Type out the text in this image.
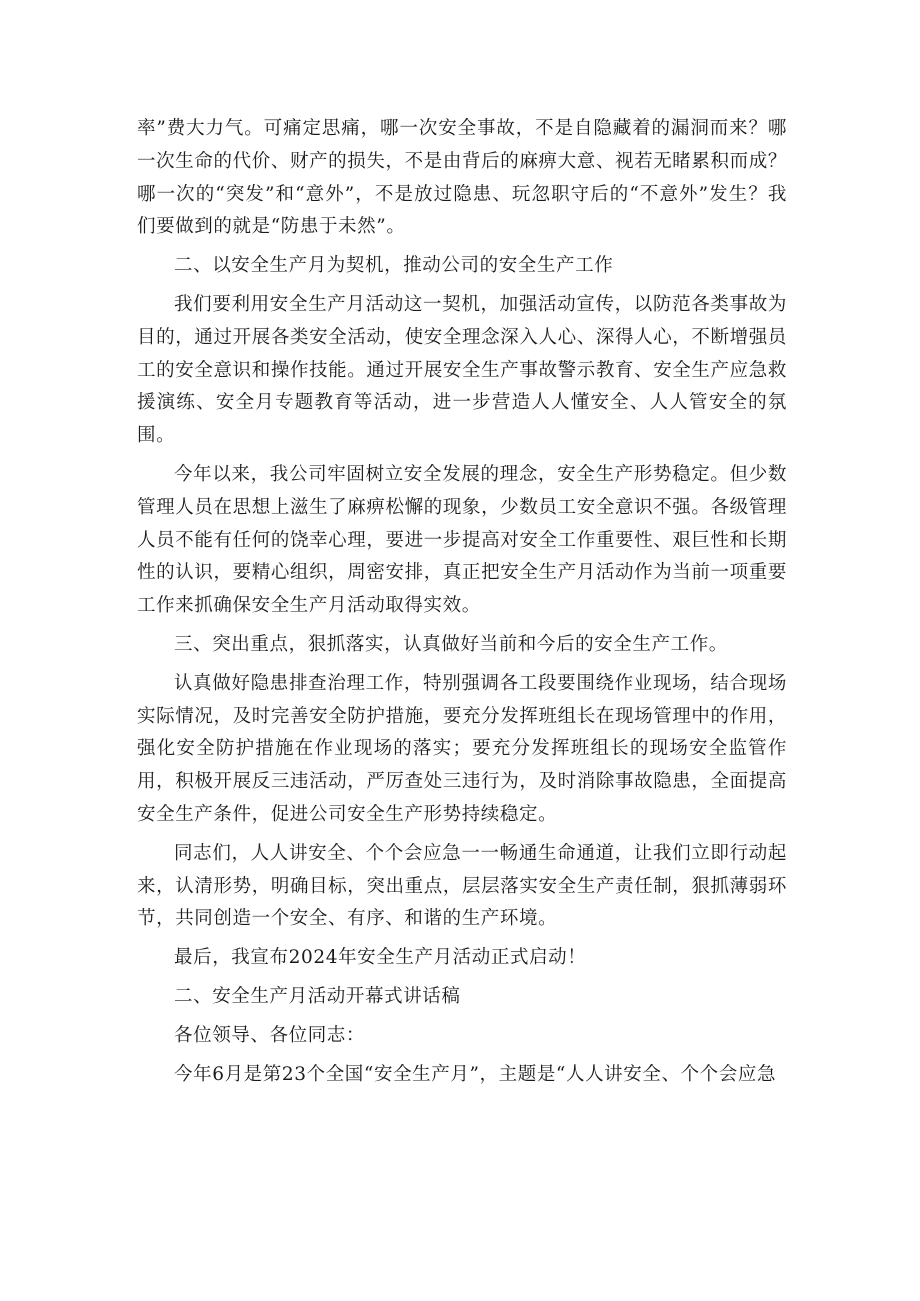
率”费大力气。可痛定思痛，哪一次安全事故，不是自隐藏着的漏洞而来？哪一次生命的代价、财产的损失，不是由背后的麻痹大意、视若无睹累积而成？哪一次的“突发”和“意外”，不是放过隐患、玩忽职守后的“不意外”发生？我们要做到的就是“防患于未然”。

二、以安全生产月为契机，推动公司的安全生产工作

我们要利用安全生产月活动这一契机，加强活动宣传，以防范各类事故为目的，通过开展各类安全活动，使安全理念深入人心、深得人心，不断增强员工的安全意识和操作技能。通过开展安全生产事故警示教育、安全生产应急救援演练、安全月专题教育等活动，进一步营造人人懂安全、人人管安全的氛围。

今年以来，我公司牢固树立安全发展的理念，安全生产形势稳定。但少数管理人员在思想上滋生了麻痹松懈的现象，少数员工安全意识不强。各级管理人员不能有任何的饶幸心理，要进一步提高对安全工作重要性、艰巨性和长期性的认识，要精心组织，周密安排，真正把安全生产月活动作为当前一项重要工作来抓确保安全生产月活动取得实效。

三、突出重点，狠抓落实，认真做好当前和今后的安全生产工作。

认真做好隐患排查治理工作，特别强调各工段要围绕作业现场，结合现场实际情况，及时完善安全防护措施，要充分发挥班组长在现场管理中的作用，强化安全防护措施在作业现场的落实；要充分发挥班组长的现场安全监管作用，积极开展反三违活动，严厉查处三违行为，及时消除事故隐患，全面提高安全生产条件，促进公司安全生产形势持续稳定。

同志们，人人讲安全、个个会应急一一畅通生命通道，让我们立即行动起来，认清形势，明确目标，突出重点，层层落实安全生产责任制，狠抓薄弱环节，共同创造一个安全、有序、和谐的生产环境。

最后，我宣布2024年安全生产月活动正式启动！

二、安全生产月活动开幕式讲话稿

各位领导、各位同志：

今年6月是第23个全国“安全生产月”，主题是“人人讲安全、个个会应急
